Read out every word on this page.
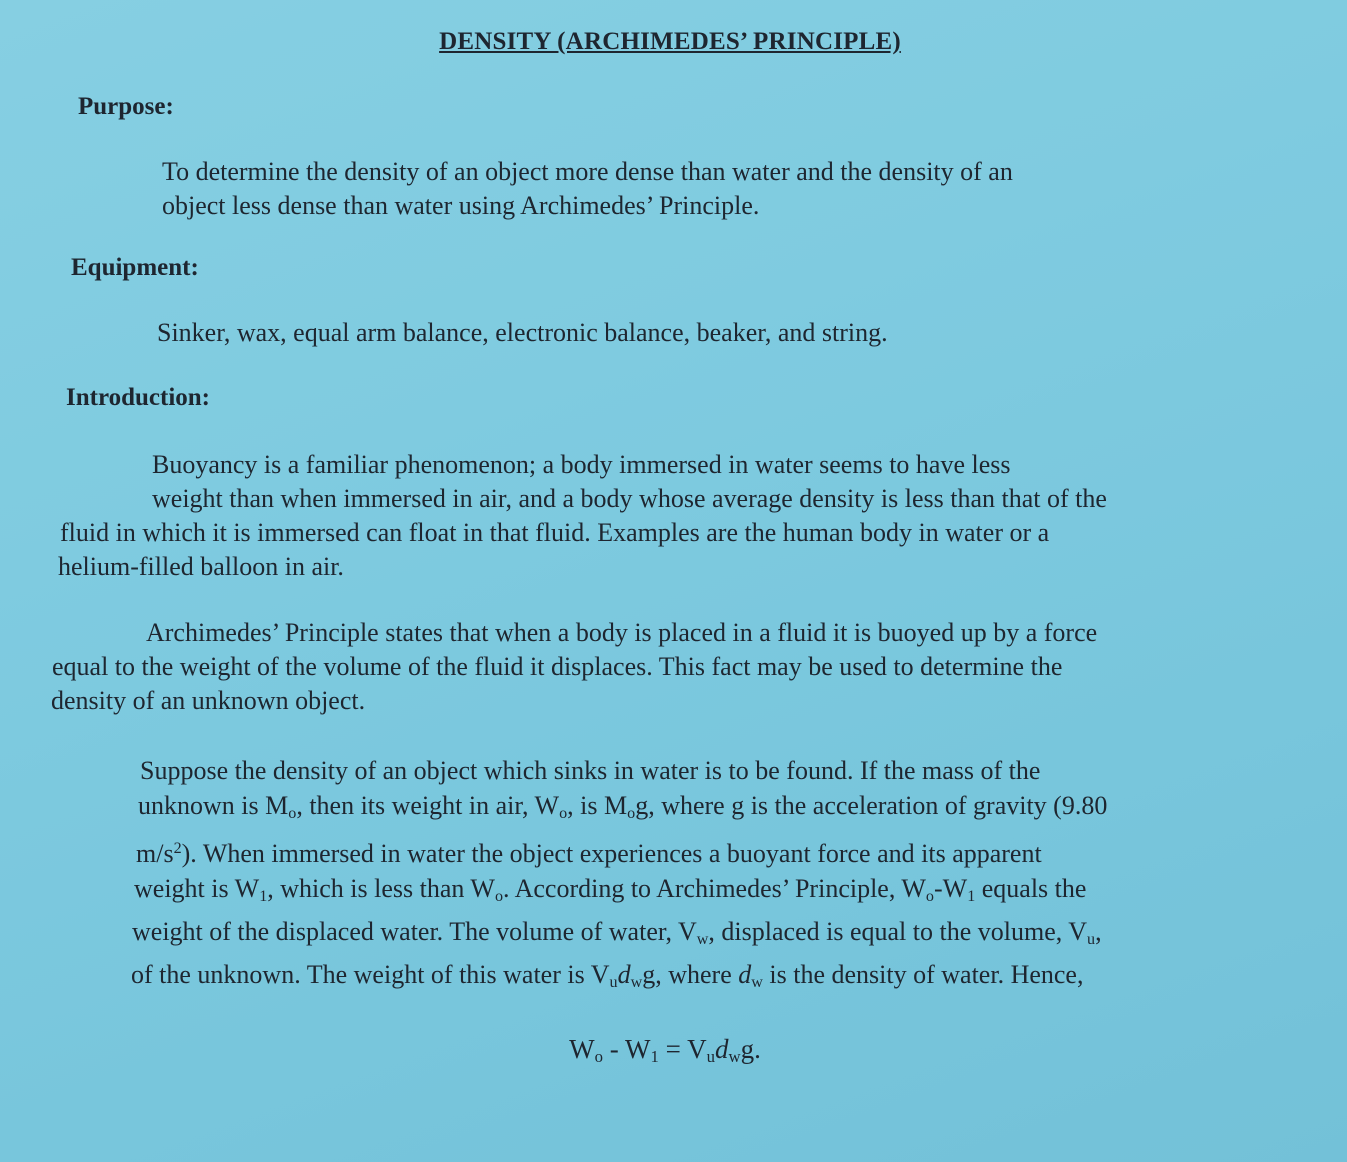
DENSITY (ARCHIMEDES’ PRINCIPLE)
Purpose:
To determine the density of an object more dense than water and the density of an
object less dense than water using Archimedes’ Principle.
Equipment:
Sinker, wax, equal arm balance, electronic balance, beaker, and string.
Introduction:
Buoyancy is a familiar phenomenon; a body immersed in water seems to have less
weight than when immersed in air, and a body whose average density is less than that of the
fluid in which it is immersed can float in that fluid. Examples are the human body in water or a
helium-filled balloon in air.
Archimedes’ Principle states that when a body is placed in a fluid it is buoyed up by a force
equal to the weight of the volume of the fluid it displaces. This fact may be used to determine the
density of an unknown object.
Suppose the density of an object which sinks in water is to be found. If the mass of the
unknown is $M_o$, then its weight in air, $W_o$, is $M_og$, where g is the acceleration of gravity (9.80
$m/s^2$). When immersed in water the object experiences a buoyant force and its apparent
weight is $W_1$, which is less than $W_o$. According to Archimedes’ Principle, $W_o-W_1$ equals the
weight of the displaced water. The volume of water, $V_w$, displaced is equal to the volume, $V_u$,
of the unknown. The weight of this water is $V_ud_wg$, where $d_w$ is the density of water. Hence,
$W_o - W_1 = V_ud_wg$.
